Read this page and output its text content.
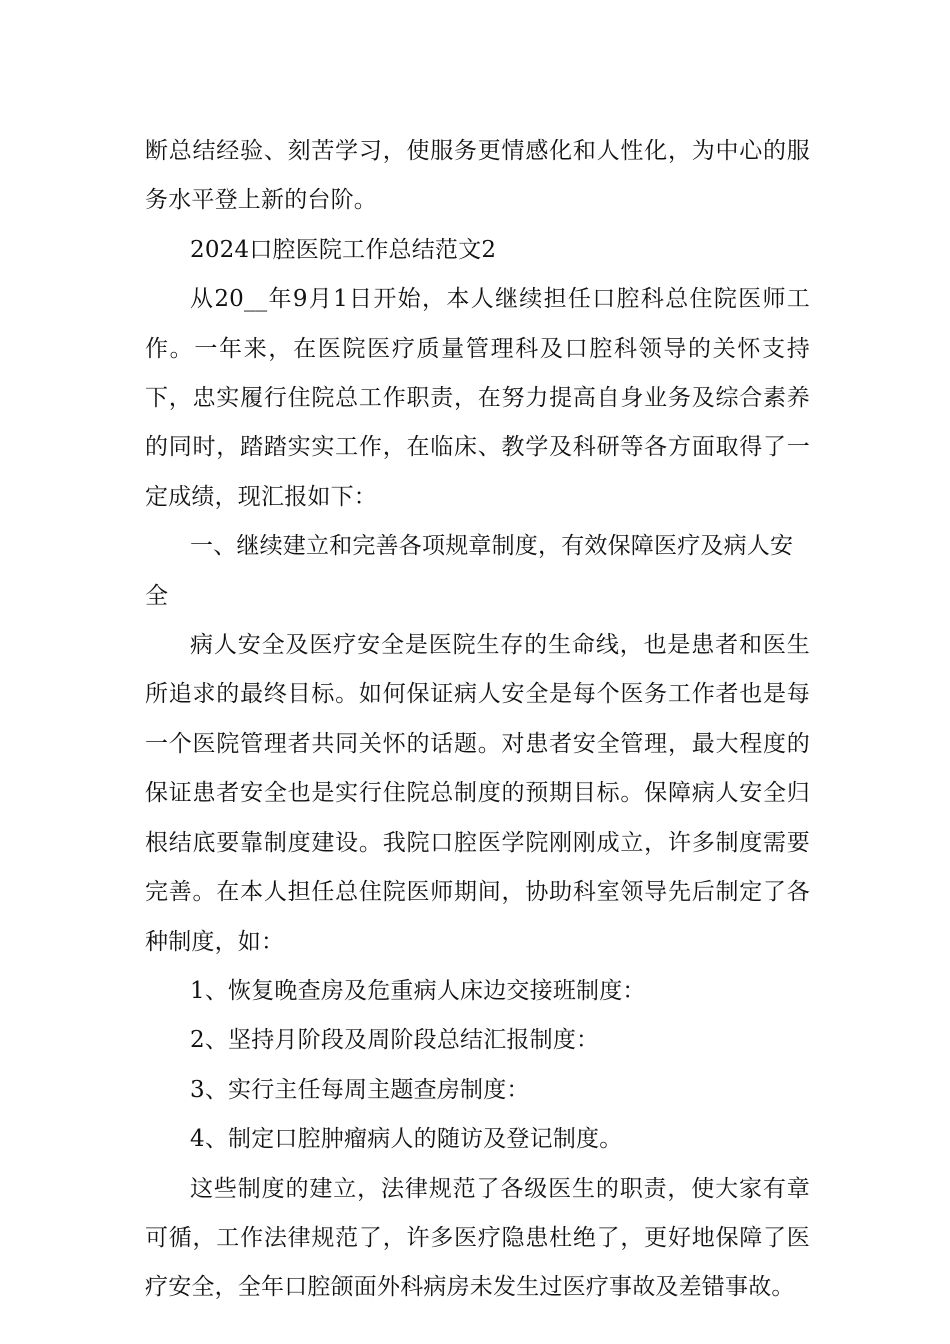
断总结经验、刻苦学习，使服务更情感化和人性化，为中心的服务水平登上新的台阶。

2024口腔医院工作总结范文2

从20__年9月1日开始，本人继续担任口腔科总住院医师工作。一年来，在医院医疗质量管理科及口腔科领导的关怀支持下，忠实履行住院总工作职责，在努力提高自身业务及综合素养的同时，踏踏实实工作，在临床、教学及科研等各方面取得了一定成绩，现汇报如下：

一、继续建立和完善各项规章制度，有效保障医疗及病人安全

病人安全及医疗安全是医院生存的生命线，也是患者和医生所追求的最终目标。如何保证病人安全是每个医务工作者也是每一个医院管理者共同关怀的话题。对患者安全管理，最大程度的保证患者安全也是实行住院总制度的预期目标。保障病人安全归根结底要靠制度建设。我院口腔医学院刚刚成立，许多制度需要完善。在本人担任总住院医师期间，协助科室领导先后制定了各种制度，如：

1、恢复晚查房及危重病人床边交接班制度：

2、坚持月阶段及周阶段总结汇报制度：

3、实行主任每周主题查房制度：

4、制定口腔肿瘤病人的随访及登记制度。

这些制度的建立，法律规范了各级医生的职责，使大家有章可循，工作法律规范了，许多医疗隐患杜绝了，更好地保障了医疗安全，全年口腔颌面外科病房未发生过医疗事故及差错事故。
